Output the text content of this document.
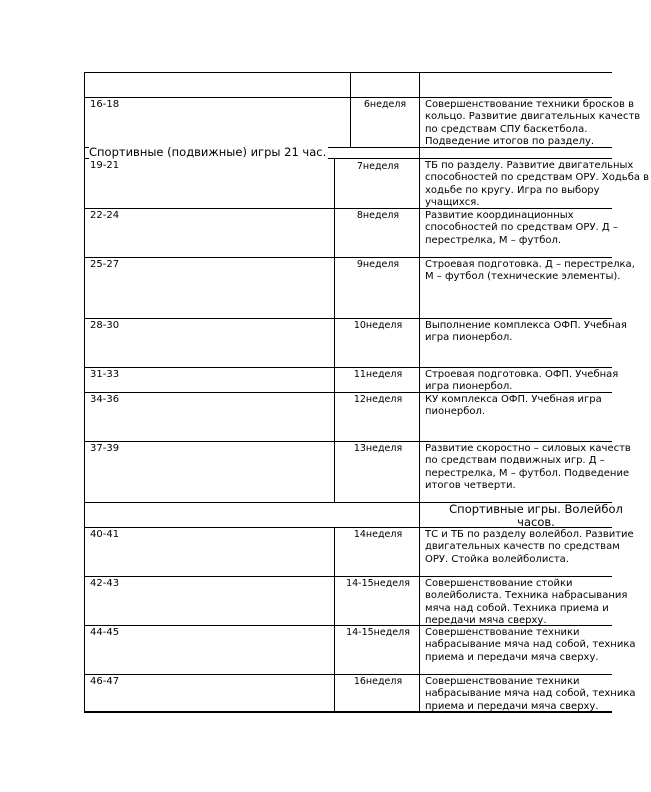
Спортивные (подвижные) игры 21 час.
Спортивные игры. Волейбол
часов.
16-18	6неделя	Совершенствование техники бросков в
кольцо. Развитие двигательных качеств
по средствам СПУ баскетбола.
Подведение итогов по разделу.
19-21	7неделя	ТБ по разделу. Развитие двигательных
способностей по средствам ОРУ. Ходьба в
ходьбе по кругу. Игра по выбору
учащихся.
22-24	8неделя	Развитие координационных
способностей по средствам ОРУ. Д –
перестрелка, М – футбол.
25-27	9неделя	Строевая подготовка. Д – перестрелка,
М – футбол (технические элементы).
28-30	10неделя	Выполнение комплекса ОФП. Учебная
игра пионербол.
31-33	11неделя	Строевая подготовка. ОФП. Учебная
игра пионербол.
34-36	12неделя	КУ комплекса ОФП. Учебная игра
пионербол.
37-39	13неделя	Развитие скоростно – силовых качеств
по средствам подвижных игр. Д –
перестрелка, М – футбол. Подведение
итогов четверти.
40-41	14неделя	ТС и ТБ по разделу волейбол. Развитие
двигательных качеств по средствам
ОРУ. Стойка волейболиста.
42-43	14-15неделя	Совершенствование стойки
волейболиста. Техника набрасывания
мяча над собой. Техника приема и
передачи мяча сверху.
44-45	14-15неделя	Совершенствование техники
набрасывание мяча над собой, техника
приема и передачи мяча сверху.
46-47	16неделя	Совершенствование техники
набрасывание мяча над собой, техника
приема и передачи мяча сверху.
